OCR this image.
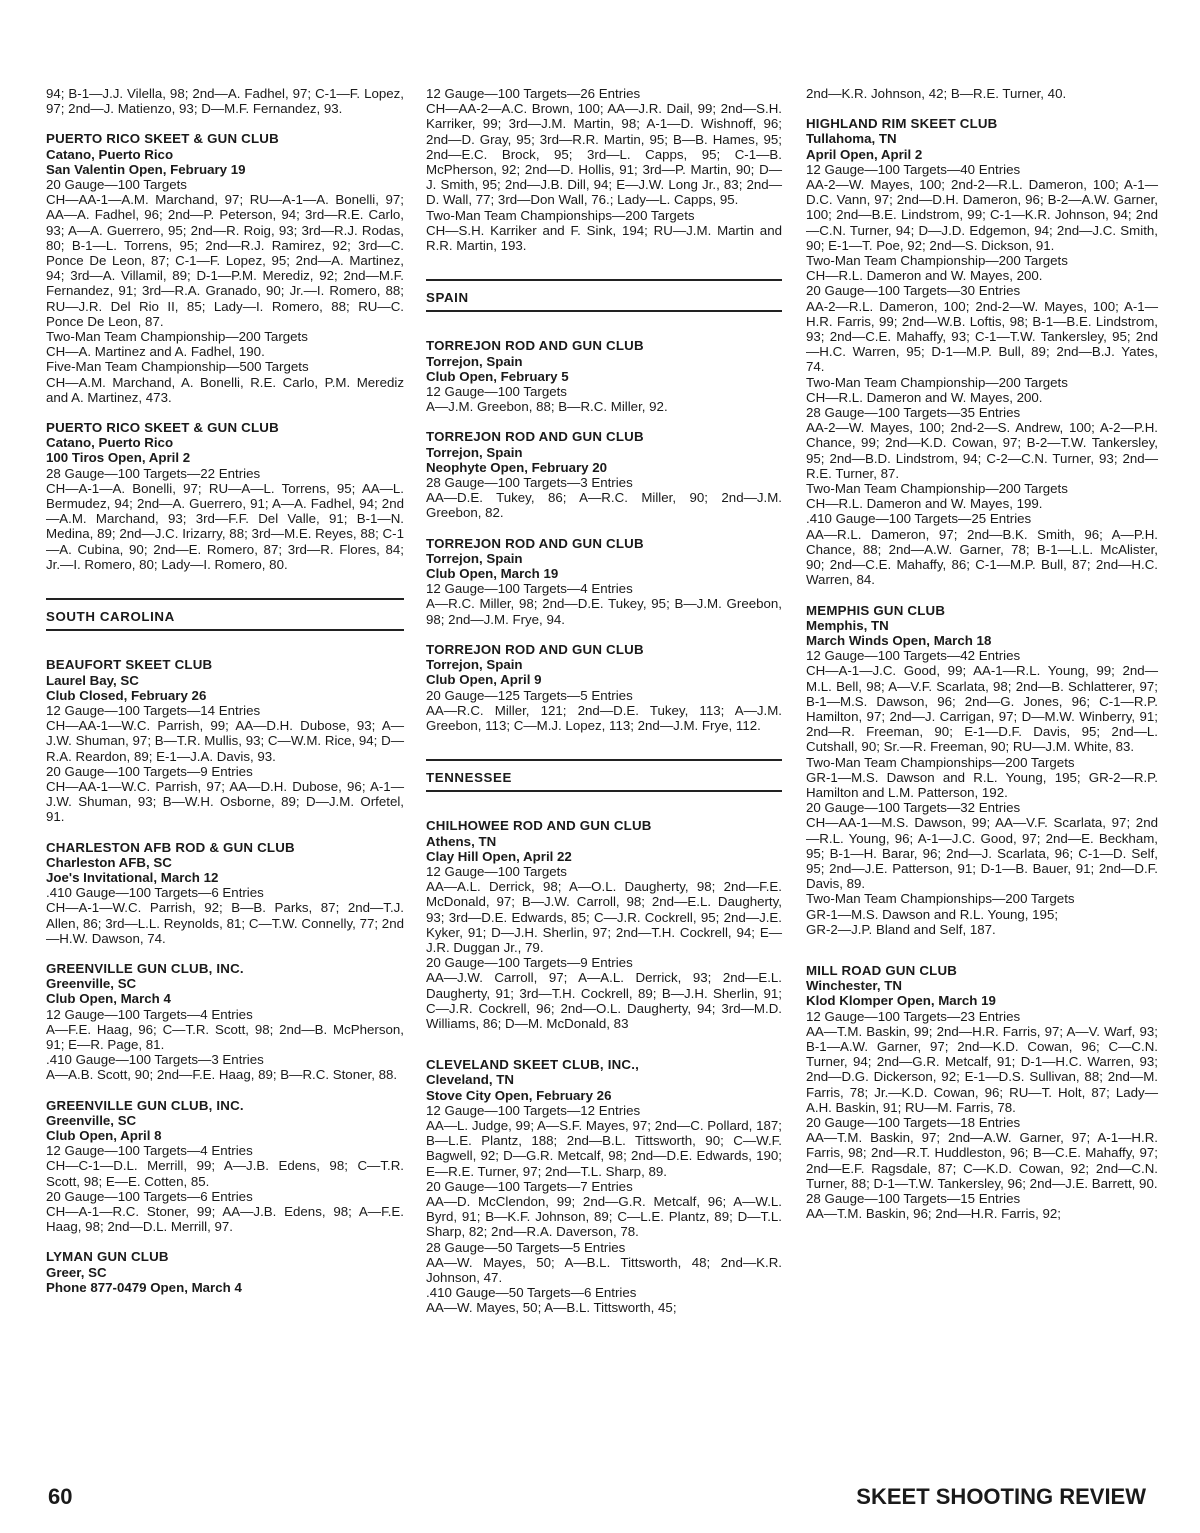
94; B-1—J.J. Vilella, 98; 2nd—A. Fadhel, 97; C-1—F. Lopez, 97; 2nd—J. Matienzo, 93; D—M.F. Fernandez, 93.

PUERTO RICO SKEET & GUN CLUB
Catano, Puerto Rico
San Valentin Open, February 19

20 Gauge—100 Targets

CH—AA-1—A.M. Marchand, 97; RU—A-1—A. Bonelli, 97; AA—A. Fadhel, 96; 2nd—P. Peterson, 94; 3rd—R.E. Carlo, 93; A—A. Guerrero, 95; 2nd—R. Roig, 93; 3rd—R.J. Rodas, 80; B-1—L. Torrens, 95; 2nd—R.J. Ramirez, 92; 3rd—C. Ponce De Leon, 87; C-1—F. Lopez, 95; 2nd—A. Martinez, 94; 3rd—A. Villamil, 89; D-1—P.M. Merediz, 92; 2nd—M.F. Fernandez, 91; 3rd—R.A. Granado, 90; Jr.—I. Romero, 88; RU—J.R. Del Rio II, 85; Lady—I. Romero, 88; RU—C. Ponce De Leon, 87.

Two-Man Team Championship—200 Targets

CH—A. Martinez and A. Fadhel, 190.

Five-Man Team Championship—500 Targets

CH—A.M. Marchand, A. Bonelli, R.E. Carlo, P.M. Merediz and A. Martinez, 473.

PUERTO RICO SKEET & GUN CLUB
Catano, Puerto Rico
100 Tiros Open, April 2

28 Gauge—100 Targets—22 Entries

CH—A-1—A. Bonelli, 97; RU—A—L. Torrens, 95; AA—L. Bermudez, 94; 2nd—A. Guerrero, 91; A—A. Fadhel, 94; 2nd—A.M. Marchand, 93; 3rd—F.F. Del Valle, 91; B-1—N. Medina, 89; 2nd—J.C. Irizarry, 88; 3rd—M.E. Reyes, 88; C-1—A. Cubina, 90; 2nd—E. Romero, 87; 3rd—R. Flores, 84; Jr.—I. Romero, 80; Lady—I. Romero, 80.

SOUTH CAROLINA
BEAUFORT SKEET CLUB
Laurel Bay, SC
Club Closed, February 26

12 Gauge—100 Targets—14 Entries

CH—AA-1—W.C. Parrish, 99; AA—D.H. Dubose, 93; A—J.W. Shuman, 97; B—T.R. Mullis, 93; C—W.M. Rice, 94; D—R.A. Reardon, 89; E-1—J.A. Davis, 93.

20 Gauge—100 Targets—9 Entries

CH—AA-1—W.C. Parrish, 97; AA—D.H. Dubose, 96; A-1—J.W. Shuman, 93; B—W.H. Osborne, 89; D—J.M. Orfetel, 91.

CHARLESTON AFB ROD & GUN CLUB
Charleston AFB, SC
Joe's Invitational, March 12

.410 Gauge—100 Targets—6 Entries

CH—A-1—W.C. Parrish, 92; B—B. Parks, 87; 2nd—T.J. Allen, 86; 3rd—L.L. Reynolds, 81; C—T.W. Connelly, 77; 2nd—H.W. Dawson, 74.

GREENVILLE GUN CLUB, INC.
Greenville, SC
Club Open, March 4

12 Gauge—100 Targets—4 Entries

A—F.E. Haag, 96; C—T.R. Scott, 98; 2nd—B. McPherson, 91; E—R. Page, 81.

.410 Gauge—100 Targets—3 Entries

A—A.B. Scott, 90; 2nd—F.E. Haag, 89; B—R.C. Stoner, 88.

GREENVILLE GUN CLUB, INC.
Greenville, SC
Club Open, April 8

12 Gauge—100 Targets—4 Entries

CH—C-1—D.L. Merrill, 99; A—J.B. Edens, 98; C—T.R. Scott, 98; E—E. Cotten, 85.

20 Gauge—100 Targets—6 Entries

CH—A-1—R.C. Stoner, 99; AA—J.B. Edens, 98; A—F.E. Haag, 98; 2nd—D.L. Merrill, 97.

LYMAN GUN CLUB
Greer, SC
Phone 877-0479 Open, March 4

12 Gauge—100 Targets—26 Entries

CH—AA-2—A.C. Brown, 100; AA—J.R. Dail, 99; 2nd—S.H. Karriker, 99; 3rd—J.M. Martin, 98; A-1—D. Wishnoff, 96; 2nd—D. Gray, 95; 3rd—R.R. Martin, 95; B—B. Hames, 95; 2nd—E.C. Brock, 95; 3rd—L. Capps, 95; C-1—B. McPherson, 92; 2nd—D. Hollis, 91; 3rd—P. Martin, 90; D—J. Smith, 95; 2nd—J.B. Dill, 94; E—J.W. Long Jr., 83; 2nd—D. Wall, 77; 3rd—Don Wall, 76.; Lady—L. Capps, 95.

Two-Man Team Championships—200 Targets

CH—S.H. Karriker and F. Sink, 194; RU—J.M. Martin and R.R. Martin, 193.

SPAIN
TORREJON ROD AND GUN CLUB
Torrejon, Spain
Club Open, February 5

12 Gauge—100 Targets

A—J.M. Greebon, 88; B—R.C. Miller, 92.

TORREJON ROD AND GUN CLUB
Torrejon, Spain
Neophyte Open, February 20

28 Gauge—100 Targets—3 Entries

AA—D.E. Tukey, 86; A—R.C. Miller, 90; 2nd—J.M. Greebon, 82.

TORREJON ROD AND GUN CLUB
Torrejon, Spain
Club Open, March 19

12 Gauge—100 Targets—4 Entries

A—R.C. Miller, 98; 2nd—D.E. Tukey, 95; B—J.M. Greebon, 98; 2nd—J.M. Frye, 94.

TORREJON ROD AND GUN CLUB
Torrejon, Spain
Club Open, April 9

20 Gauge—125 Targets—5 Entries

AA—R.C. Miller, 121; 2nd—D.E. Tukey, 113; A—J.M. Greebon, 113; C—M.J. Lopez, 113; 2nd—J.M. Frye, 112.

TENNESSEE
CHILHOWEE ROD AND GUN CLUB
Athens, TN
Clay Hill Open, April 22

12 Gauge—100 Targets

AA—A.L. Derrick, 98; A—O.L. Daugherty, 98; 2nd—F.E. McDonald, 97; B—J.W. Carroll, 98; 2nd—E.L. Daugherty, 93; 3rd—D.E. Edwards, 85; C—J.R. Cockrell, 95; 2nd—J.E. Kyker, 91; D—J.H. Sherlin, 97; 2nd—T.H. Cockrell, 94; E—J.R. Duggan Jr., 79.

20 Gauge—100 Targets—9 Entries

AA—J.W. Carroll, 97; A—A.L. Derrick, 93; 2nd—E.L. Daugherty, 91; 3rd—T.H. Cockrell, 89; B—J.H. Sherlin, 91; C—J.R. Cockrell, 96; 2nd—O.L. Daugherty, 94; 3rd—M.D. Williams, 86; D—M. McDonald, 83

CLEVELAND SKEET CLUB, INC.,
Cleveland, TN
Stove City Open, February 26

12 Gauge—100 Targets—12 Entries

AA—L. Judge, 99; A—S.F. Mayes, 97; 2nd—C. Pollard, 187; B—L.E. Plantz, 188; 2nd—B.L. Tittsworth, 90; C—W.F. Bagwell, 92; D—G.R. Metcalf, 98; 2nd—D.E. Edwards, 190; E—R.E. Turner, 97; 2nd—T.L. Sharp, 89.

20 Gauge—100 Targets—7 Entries

AA—D. McClendon, 99; 2nd—G.R. Metcalf, 96; A—W.L. Byrd, 91; B—K.F. Johnson, 89; C—L.E. Plantz, 89; D—T.L. Sharp, 82; 2nd—R.A. Daverson, 78.

28 Gauge—50 Targets—5 Entries

AA—W. Mayes, 50; A—B.L. Tittsworth, 48; 2nd—K.R. Johnson, 47.

.410 Gauge—50 Targets—6 Entries

AA—W. Mayes, 50; A—B.L. Tittsworth, 45;

2nd—K.R. Johnson, 42; B—R.E. Turner, 40.

HIGHLAND RIM SKEET CLUB
Tullahoma, TN
April Open, April 2

12 Gauge—100 Targets—40 Entries

AA-2—W. Mayes, 100; 2nd-2—R.L. Dameron, 100; A-1—D.C. Vann, 97; 2nd—D.H. Dameron, 96; B-2—A.W. Garner, 100; 2nd—B.E. Lindstrom, 99; C-1—K.R. Johnson, 94; 2nd—C.N. Turner, 94; D—J.D. Edgemon, 94; 2nd—J.C. Smith, 90; E-1—T. Poe, 92; 2nd—S. Dickson, 91.

Two-Man Team Championship—200 Targets

CH—R.L. Dameron and W. Mayes, 200.

20 Gauge—100 Targets—30 Entries

AA-2—R.L. Dameron, 100; 2nd-2—W. Mayes, 100; A-1—H.R. Farris, 99; 2nd—W.B. Loftis, 98; B-1—B.E. Lindstrom, 93; 2nd—C.E. Mahaffy, 93; C-1—T.W. Tankersley, 95; 2nd—H.C. Warren, 95; D-1—M.P. Bull, 89; 2nd—B.J. Yates, 74.

Two-Man Team Championship—200 Targets

CH—R.L. Dameron and W. Mayes, 200.

28 Gauge—100 Targets—35 Entries

AA-2—W. Mayes, 100; 2nd-2—S. Andrew, 100; A-2—P.H. Chance, 99; 2nd—K.D. Cowan, 97; B-2—T.W. Tankersley, 95; 2nd—B.D. Lindstrom, 94; C-2—C.N. Turner, 93; 2nd—R.E. Turner, 87.

Two-Man Team Championship—200 Targets

CH—R.L. Dameron and W. Mayes, 199.

.410 Gauge—100 Targets—25 Entries

AA—R.L. Dameron, 97; 2nd—B.K. Smith, 96; A—P.H. Chance, 88; 2nd—A.W. Garner, 78; B-1—L.L. McAlister, 90; 2nd—C.E. Mahaffy, 86; C-1—M.P. Bull, 87; 2nd—H.C. Warren, 84.

MEMPHIS GUN CLUB
Memphis, TN
March Winds Open, March 18

12 Gauge—100 Targets—42 Entries

CH—A-1—J.C. Good, 99; AA-1—R.L. Young, 99; 2nd—M.L. Bell, 98; A—V.F. Scarlata, 98; 2nd—B. Schlatterer, 97; B-1—M.S. Dawson, 96; 2nd—G. Jones, 96; C-1—R.P. Hamilton, 97; 2nd—J. Carrigan, 97; D—M.W. Winberry, 91; 2nd—R. Freeman, 90; E-1—D.F. Davis, 95; 2nd—L. Cutshall, 90; Sr.—R. Freeman, 90; RU—J.M. White, 83.

Two-Man Team Championships—200 Targets

GR-1—M.S. Dawson and R.L. Young, 195; GR-2—R.P. Hamilton and L.M. Patterson, 192.

20 Gauge—100 Targets—32 Entries

CH—AA-1—M.S. Dawson, 99; AA—V.F. Scarlata, 97; 2nd—R.L. Young, 96; A-1—J.C. Good, 97; 2nd—E. Beckham, 95; B-1—H. Barar, 96; 2nd—J. Scarlata, 96; C-1—D. Self, 95; 2nd—J.E. Patterson, 91; D-1—B. Bauer, 91; 2nd—D.F. Davis, 89.

Two-Man Team Championships—200 Targets

GR-1—M.S. Dawson and R.L. Young, 195;

GR-2—J.P. Bland and Self, 187.

MILL ROAD GUN CLUB
Winchester, TN
Klod Klomper Open, March 19

12 Gauge—100 Targets—23 Entries

AA—T.M. Baskin, 99; 2nd—H.R. Farris, 97; A—V. Warf, 93; B-1—A.W. Garner, 97; 2nd—K.D. Cowan, 96; C—C.N. Turner, 94; 2nd—G.R. Metcalf, 91; D-1—H.C. Warren, 93; 2nd—D.G. Dickerson, 92; E-1—D.S. Sullivan, 88; 2nd—M. Farris, 78; Jr.—K.D. Cowan, 96; RU—T. Holt, 87; Lady—A.H. Baskin, 91; RU—M. Farris, 78.

20 Gauge—100 Targets—18 Entries

AA—T.M. Baskin, 97; 2nd—A.W. Garner, 97; A-1—H.R. Farris, 98; 2nd—R.T. Huddleston, 96; B—C.E. Mahaffy, 97; 2nd—E.F. Ragsdale, 87; C—K.D. Cowan, 92; 2nd—C.N. Turner, 88; D-1—T.W. Tankersley, 96; 2nd—J.E. Barrett, 90.

28 Gauge—100 Targets—15 Entries

AA—T.M. Baskin, 96; 2nd—H.R. Farris, 92;

60	SKEET SHOOTING REVIEW
